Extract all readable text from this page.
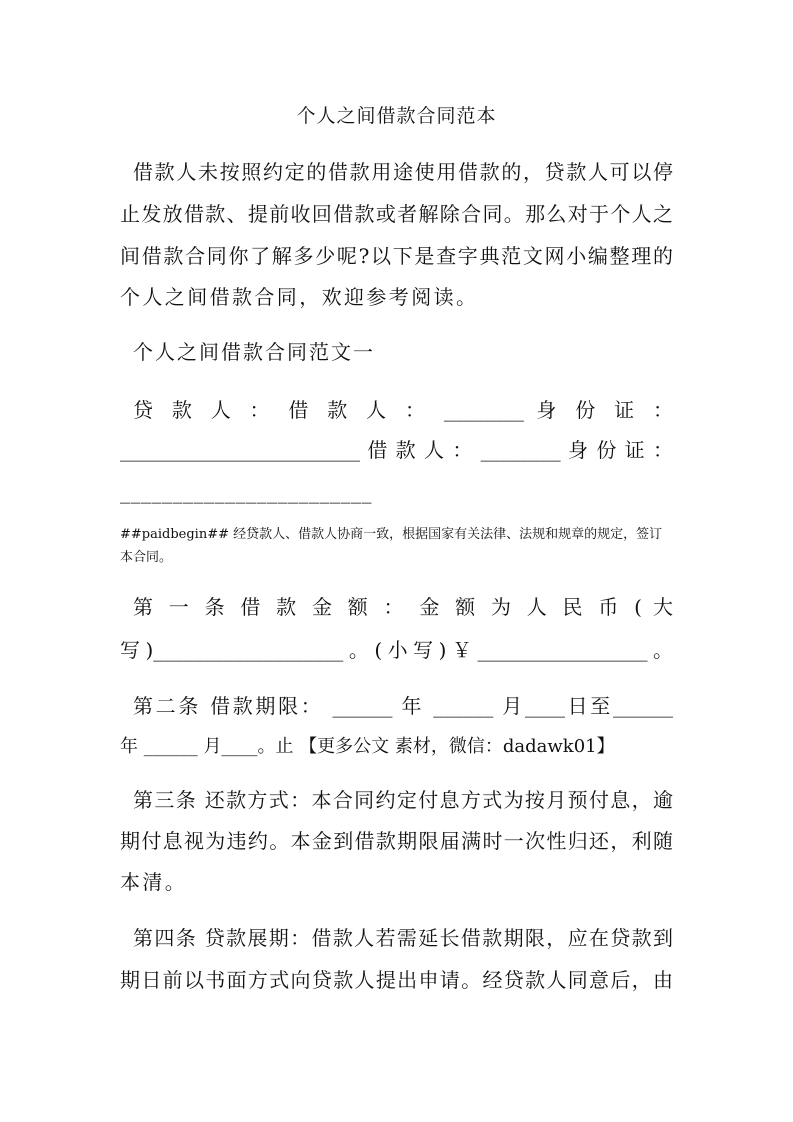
个人之间借款合同范本
借款人未按照约定的借款用途使用借款的，贷款人可以停
止发放借款、提前收回借款或者解除合同。那么对于个人之
间借款合同你了解多少呢?以下是查字典范文网小编整理的
个人之间借款合同，欢迎参考阅读。
个人之间借款合同范文一
贷 款 人 ： 借 款 人 ： ________ 身 份 证 ：
________________________ 借 款 人 ： ________ 身 份 证 ：
________________________
##paidbegin## 经贷款人、借款人协商一致，根据国家有关法律、法规和规章的规定，签订
本合同。
第 一 条 借 款 金 额 ： 金 额 为 人 民 币 ( 大
写)___________________。(小写)￥_________________。
第二条 借款期限： ______ 年 ______ 月____日至______
年 ______ 月____。止 【更多公文 素材，微信：dadawk01】
第三条 还款方式：本合同约定付息方式为按月预付息，逾
期付息视为违约。本金到借款期限届满时一次性归还，利随
本清。
第四条 贷款展期：借款人若需延长借款期限，应在贷款到
期日前以书面方式向贷款人提出申请。经贷款人同意后，由
